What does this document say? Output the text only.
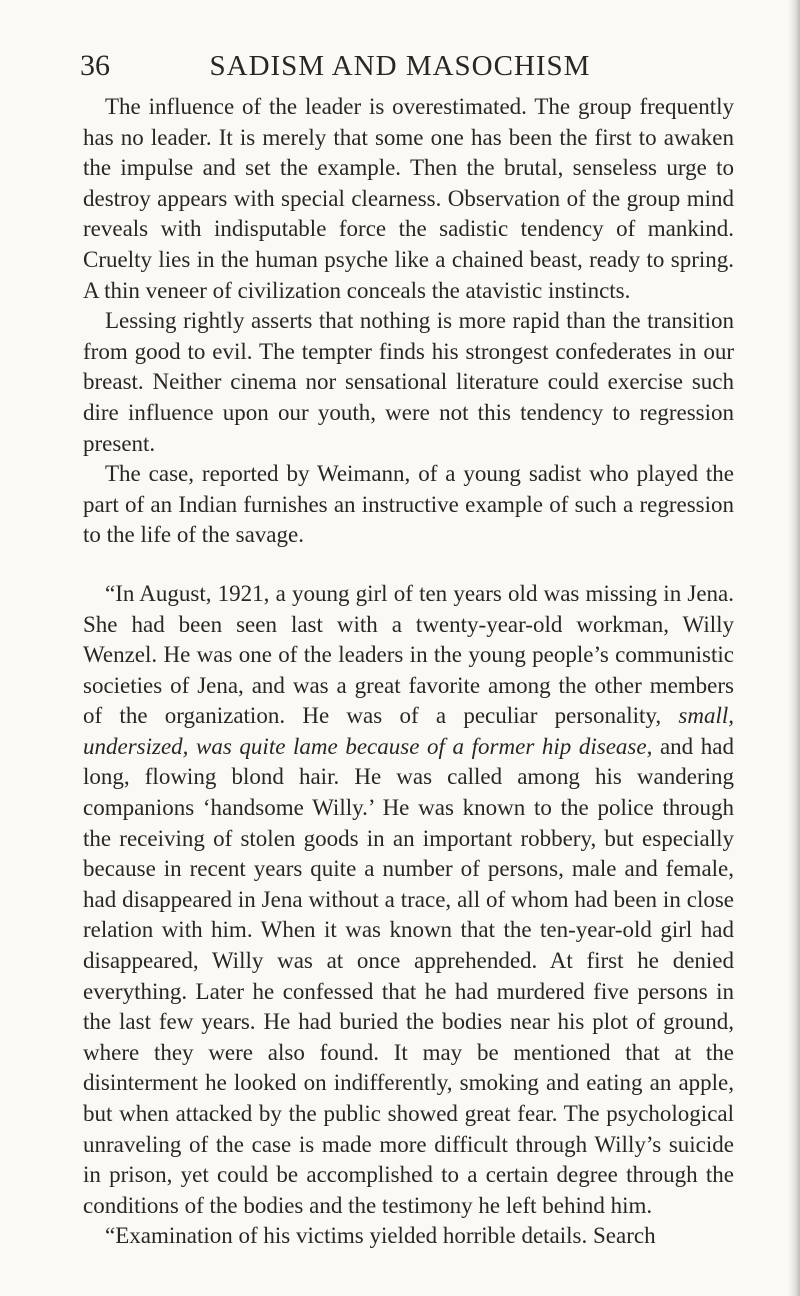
36	SADISM AND MASOCHISM

The influence of the leader is overestimated. The group frequently has no leader. It is merely that some one has been the first to awaken the impulse and set the example. Then the brutal, senseless urge to destroy appears with special clearness. Observation of the group mind reveals with indisputable force the sadistic tendency of mankind. Cruelty lies in the human psyche like a chained beast, ready to spring. A thin veneer of civilization conceals the atavistic instincts.

Lessing rightly asserts that nothing is more rapid than the transition from good to evil. The tempter finds his strongest confederates in our breast. Neither cinema nor sensational literature could exercise such dire influence upon our youth, were not this tendency to regression present.

The case, reported by Weimann, of a young sadist who played the part of an Indian furnishes an instructive example of such a regression to the life of the savage.

“In August, 1921, a young girl of ten years old was missing in Jena. She had been seen last with a twenty-year-old workman, Willy Wenzel. He was one of the leaders in the young people’s communistic societies of Jena, and was a great favorite among the other members of the organization. He was of a peculiar personality, small, undersized, was quite lame because of a former hip disease, and had long, flowing blond hair. He was called among his wandering companions ‘handsome Willy.’ He was known to the police through the receiving of stolen goods in an important robbery, but especially because in recent years quite a number of persons, male and female, had disappeared in Jena without a trace, all of whom had been in close relation with him. When it was known that the ten-year-old girl had disappeared, Willy was at once apprehended. At first he denied everything. Later he confessed that he had murdered five persons in the last few years. He had buried the bodies near his plot of ground, where they were also found. It may be mentioned that at the disinterment he looked on indifferently, smoking and eating an apple, but when attacked by the public showed great fear. The psychological unraveling of the case is made more difficult through Willy’s suicide in prison, yet could be accomplished to a certain degree through the conditions of the bodies and the testimony he left behind him.

“Examination of his victims yielded horrible details. Search
